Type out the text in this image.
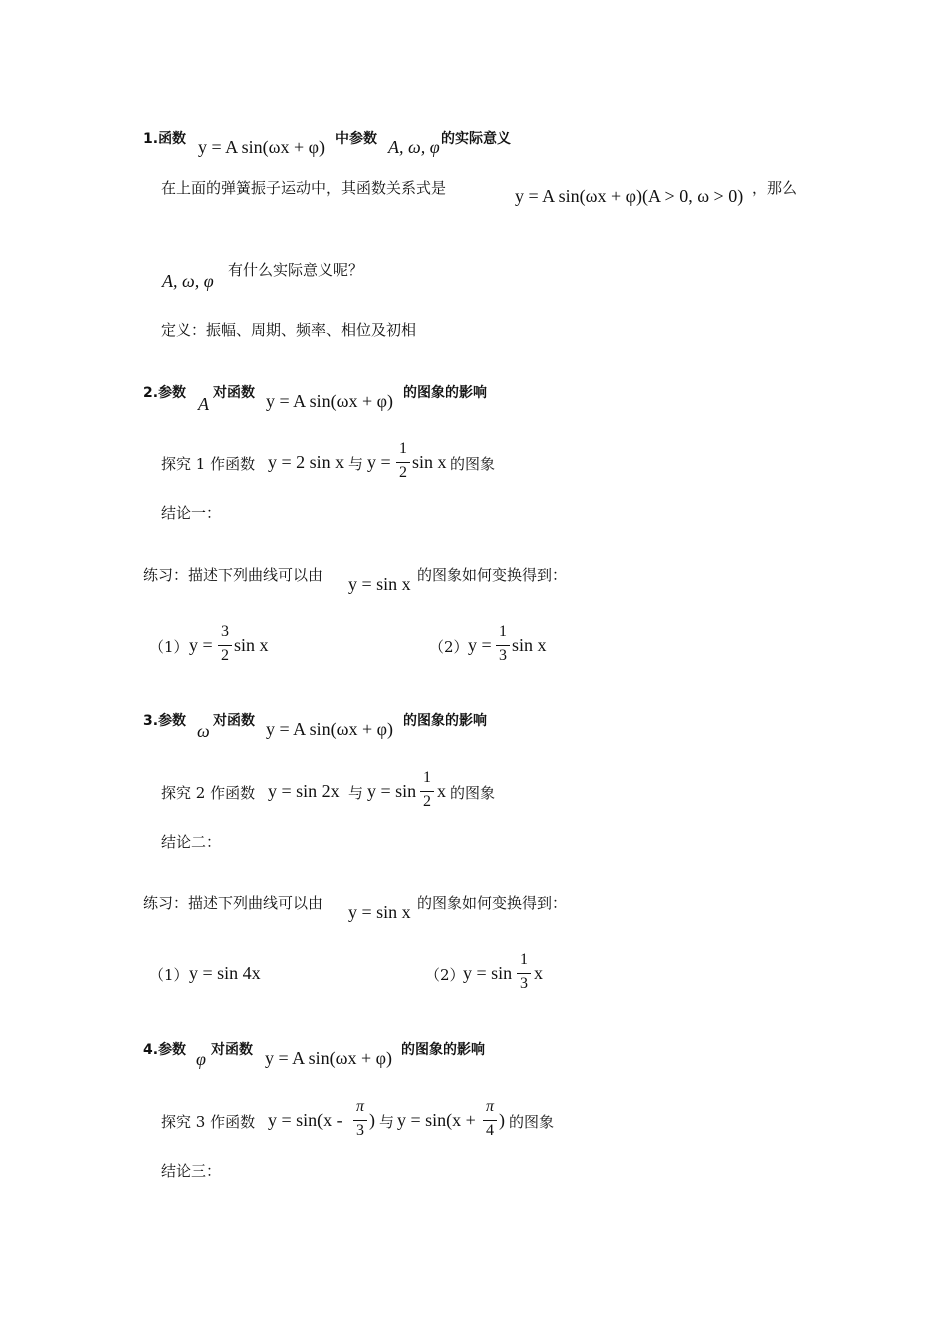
1.函数 y = A sin(ωx + φ) 中参数 A, ω, φ 的实际意义
在上面的弹簧振子运动中，其函数关系式是	y = A sin(ωx + φ)(A > 0, ω > 0) ，那么
A, ω, φ
有什么实际意义呢？
定义：振幅、周期、频率、相位及初相
2.参数
A
对函数 y = A sin(ωx + φ) 的图象的影响
探究 1 作函数 y = 2 sin x 与 y =
1
2
sin x 的图象
结论一：
练习：描述下列曲线可以由 y = sin x 的图象如何变换得到：
（1） y =
3
2
sin x	（2） y =
1
3
sin x
3.参数 ω 对函数 y = A sin(ωx + φ) 的图象的影响
探究 2 作函数 y = sin 2x 与 y = sin
1
2
x 的图象
结论二：
练习：描述下列曲线可以由 y = sin x 的图象如何变换得到：
（1） y = sin 4x	（2）
y = sin
1
3
x
4.参数 φ 对函数 y = A sin(ωx + φ) 的图象的影响
探究 3 作函数 y = sin(x -
π
3
) 与 y = sin(x +
π
4
) 的图象
结论三：
